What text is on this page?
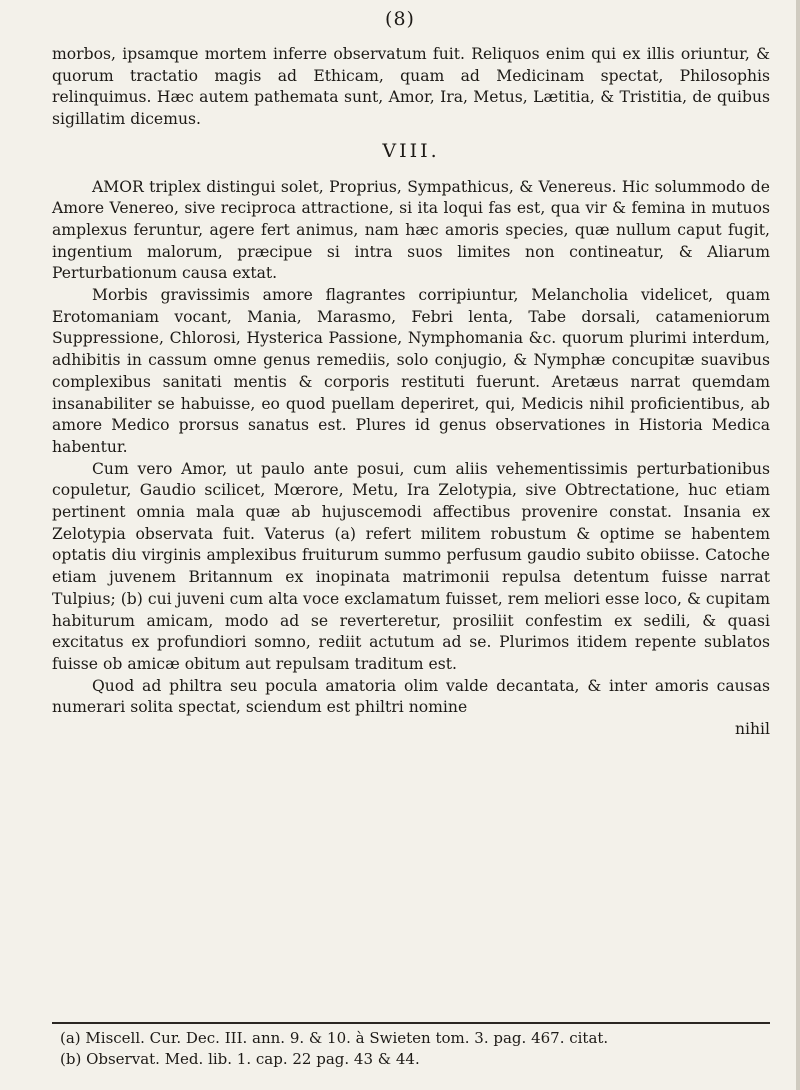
(8)

morbos, ipsamque mortem inferre observatum fuit. Reliquos enim qui ex illis oriuntur, & quorum tractatio magis ad Ethicam, quam ad Medicinam spectat, Philosophis relinquimus. Hæc autem pathemata sunt, Amor, Ira, Metus, Lætitia, & Tristitia, de quibus sigillatim dicemus.

VIII.

AMOR triplex distingui solet, Proprius, Sympathicus, & Venereus. Hic solummodo de Amore Venereo, sive reciproca attractione, si ita loqui fas est, qua vir & femina in mutuos amplexus feruntur, agere fert animus, nam hæc amoris species, quæ nullum caput fugit, ingentium malorum, præcipue si intra suos limites non contineatur, & Aliarum Perturbationum causa extat.

Morbis gravissimis amore flagrantes corripiuntur, Melancholia videlicet, quam Erotomaniam vocant, Mania, Marasmo, Febri lenta, Tabe dorsali, catameniorum Suppressione, Chlorosi, Hysterica Passione, Nymphomania &c. quorum plurimi interdum, adhibitis in cassum omne genus remediis, solo conjugio, & Nymphæ concupitæ suavibus complexibus sanitati mentis & corporis restituti fuerunt. Aretæus narrat quemdam insanabiliter se habuisse, eo quod puellam deperiret, qui, Medicis nihil proficientibus, ab amore Medico prorsus sanatus est. Plures id genus observationes in Historia Medica habentur.

Cum vero Amor, ut paulo ante posui, cum aliis vehementissimis perturbationibus copuletur, Gaudio scilicet, Mœrore, Metu, Ira Zelotypia, sive Obtrectatione, huc etiam pertinent omnia mala quæ ab hujuscemodi affectibus provenire constat. Insania ex Zelotypia observata fuit. Vaterus (a) refert militem robustum & optime se habentem optatis diu virginis amplexibus fruiturum summo perfusum gaudio subito obiisse. Catoche etiam juvenem Britannum ex inopinata matrimonii repulsa detentum fuisse narrat Tulpius; (b) cui juveni cum alta voce exclamatum fuisset, rem meliori esse loco, & cupitam habiturum amicam, modo ad se reverteretur, prosiliit confestim ex sedili, & quasi excitatus ex profundiori somno, rediit actutum ad se. Plurimos itidem repente sublatos fuisse ob amicæ obitum aut repulsam traditum est.

Quod ad philtra seu pocula amatoria olim valde decantata, & inter amoris causas numerari solita spectat, sciendum est philtri nomine

nihil

(a) Miscell. Cur. Dec. III. ann. 9. & 10. à Swieten tom. 3. pag. 467. citat.

(b) Observat. Med. lib. 1. cap. 22 pag. 43 & 44.
